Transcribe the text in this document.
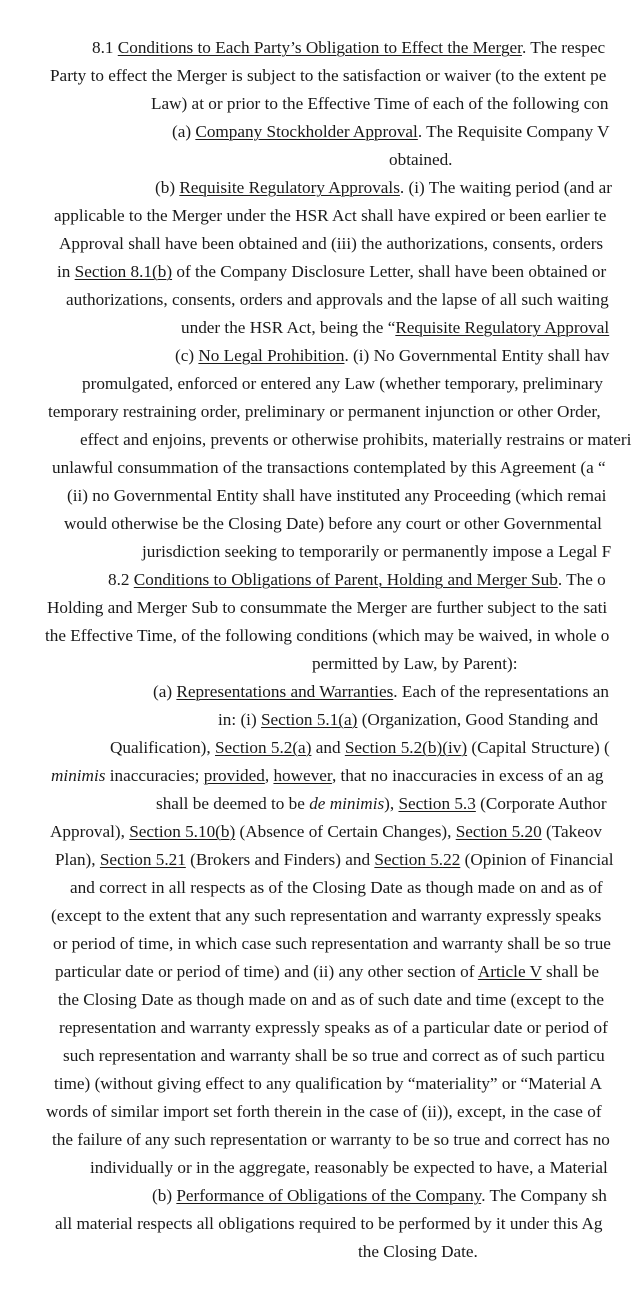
8.1 Conditions to Each Party’s Obligation to Effect the Merger. The respec
Party to effect the Merger is subject to the satisfaction or waiver (to the extent pe
Law) at or prior to the Effective Time of each of the following con
(a) Company Stockholder Approval. The Requisite Company V
obtained.
(b) Requisite Regulatory Approvals. (i) The waiting period (and ar
applicable to the Merger under the HSR Act shall have expired or been earlier te
Approval shall have been obtained and (iii) the authorizations, consents, orders
in Section 8.1(b) of the Company Disclosure Letter, shall have been obtained or
authorizations, consents, orders and approvals and the lapse of all such waiting
under the HSR Act, being the “Requisite Regulatory Approval
(c) No Legal Prohibition. (i) No Governmental Entity shall hav
promulgated, enforced or entered any Law (whether temporary, preliminary
temporary restraining order, preliminary or permanent injunction or other Order,
effect and enjoins, prevents or otherwise prohibits, materially restrains or materi
unlawful consummation of the transactions contemplated by this Agreement (a “
(ii) no Governmental Entity shall have instituted any Proceeding (which remai
would otherwise be the Closing Date) before any court or other Governmental
jurisdiction seeking to temporarily or permanently impose a Legal F
8.2 Conditions to Obligations of Parent, Holding and Merger Sub. The o
Holding and Merger Sub to consummate the Merger are further subject to the sati
the Effective Time, of the following conditions (which may be waived, in whole o
permitted by Law, by Parent):
(a) Representations and Warranties. Each of the representations an
in: (i) Section 5.1(a) (Organization, Good Standing and
Qualification), Section 5.2(a) and Section 5.2(b)(iv) (Capital Structure) (
minimis inaccuracies; provided, however, that no inaccuracies in excess of an ag
shall be deemed to be de minimis), Section 5.3 (Corporate Author
Approval), Section 5.10(b) (Absence of Certain Changes), Section 5.20 (Takeov
Plan), Section 5.21 (Brokers and Finders) and Section 5.22 (Opinion of Financial
and correct in all respects as of the Closing Date as though made on and as of
(except to the extent that any such representation and warranty expressly speaks
or period of time, in which case such representation and warranty shall be so true
particular date or period of time) and (ii) any other section of Article V shall be
the Closing Date as though made on and as of such date and time (except to the
representation and warranty expressly speaks as of a particular date or period of
such representation and warranty shall be so true and correct as of such particu
time) (without giving effect to any qualification by “materiality” or “Material A
words of similar import set forth therein in the case of (ii)), except, in the case of
the failure of any such representation or warranty to be so true and correct has no
individually or in the aggregate, reasonably be expected to have, a Material
(b) Performance of Obligations of the Company. The Company sh
all material respects all obligations required to be performed by it under this Ag
the Closing Date.
